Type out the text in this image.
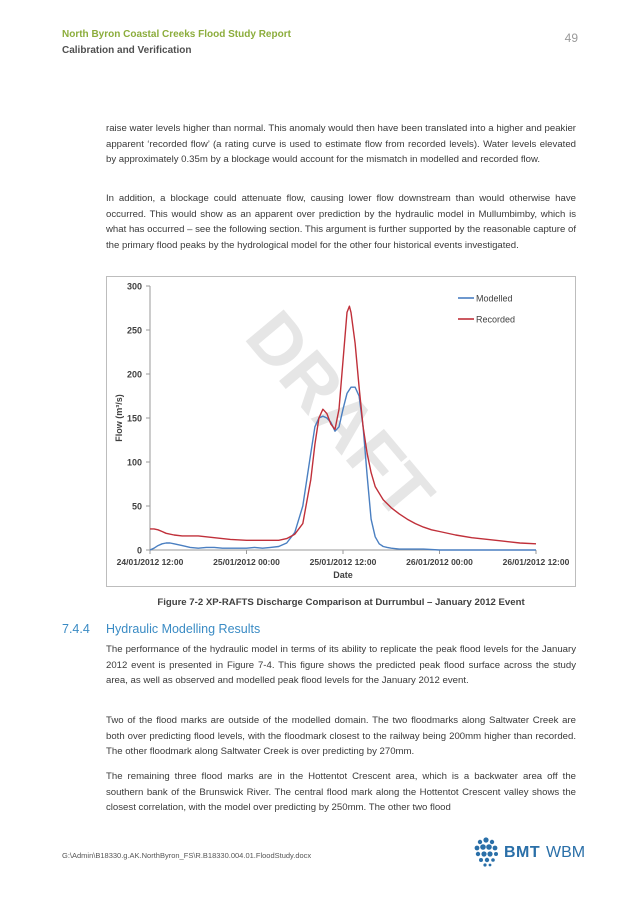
North Byron Coastal Creeks Flood Study Report
Calibration and Verification
49

raise water levels higher than normal. This anomaly would then have been translated into a higher and peakier apparent ‘recorded flow’ (a rating curve is used to estimate flow from recorded levels). Water levels elevated by approximately 0.35m by a blockage would account for the mismatch in modelled and recorded flow.

In addition, a blockage could attenuate flow, causing lower flow downstream than would otherwise have occurred. This would show as an apparent over prediction by the hydraulic model in Mullumbimby, which is what has occurred – see the following section. This argument is further supported by the reasonable capture of the primary flood peaks by the hydrological model for the other four historical events investigated.

DRAFT
0
50
100
150
200
250
300
24/01/2012 12:00	25/01/2012 00:00	25/01/2012 12:00	26/01/2012 00:00	26/01/2012 12:00
Date
Flow (m³/s)
Modelled
Recorded
Figure 7-2 XP-RAFTS Discharge Comparison at Durrumbul – January 2012 Event
7.4.4 Hydraulic Modelling Results

The performance of the hydraulic model in terms of its ability to replicate the peak flood levels for the January 2012 event is presented in Figure 7-4. This figure shows the predicted peak flood surface across the study area, as well as observed and modelled peak flood levels for the January 2012 event.

Two of the flood marks are outside of the modelled domain. The two floodmarks along Saltwater Creek are both over predicting flood levels, with the floodmark closest to the railway being 200mm higher than recorded. The other floodmark along Saltwater Creek is over predicting by 270mm.

The remaining three flood marks are in the Hottentot Crescent area, which is a backwater area off the southern bank of the Brunswick River. The central flood mark along the Hottentot Crescent valley shows the closest correlation, with the model over predicting by 250mm. The other two flood

G:\Admin\B18330.g.AK.NorthByron_FS\R.B18330.004.01.FloodStudy.docx	BMT WBM
